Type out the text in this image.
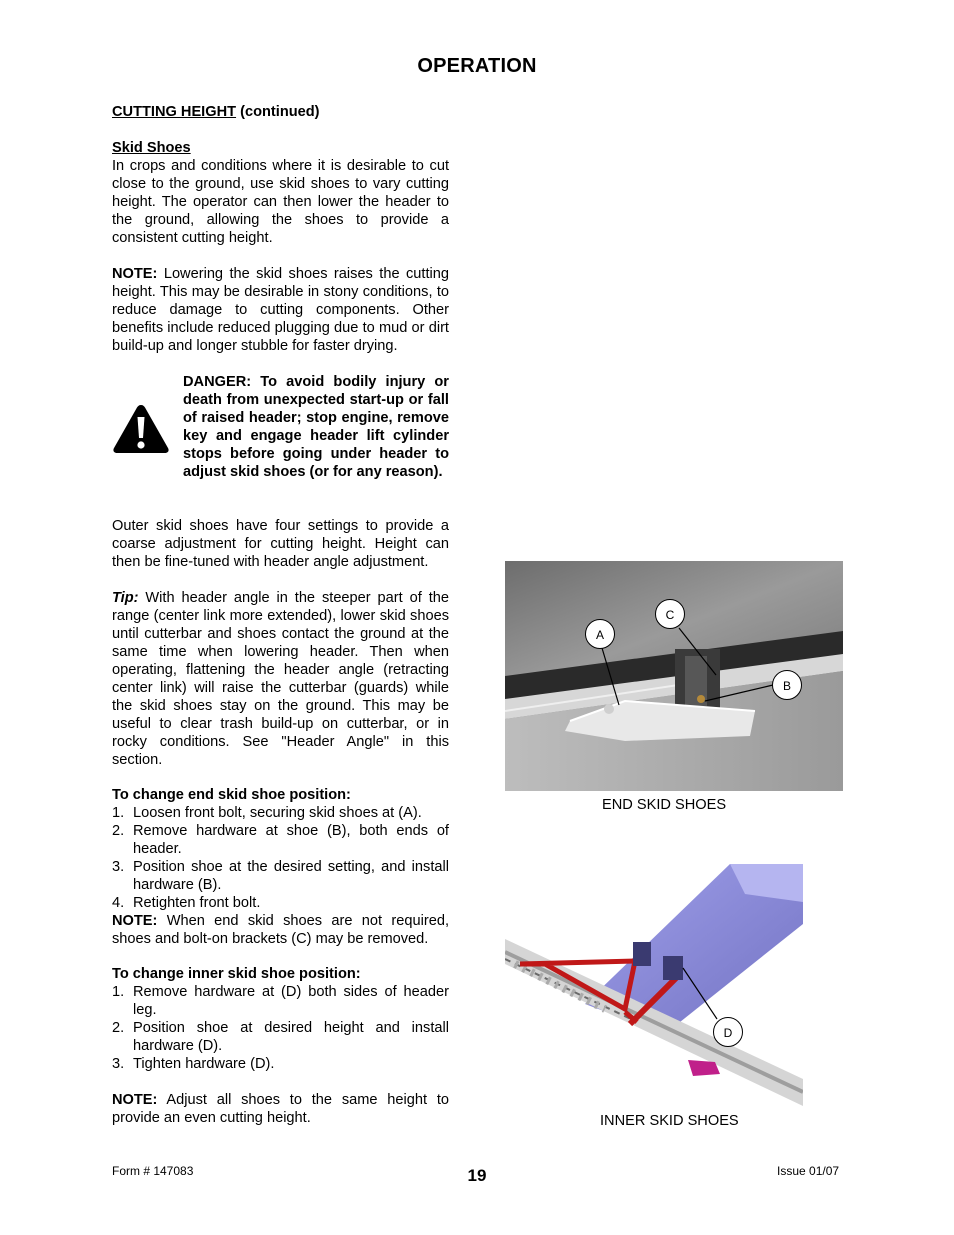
OPERATION
CUTTING HEIGHT (continued)
Skid Shoes

In crops and conditions where it is desirable to cut close to the ground, use skid shoes to vary cutting height. The operator can then lower the header to the ground, allowing the shoes to provide a consistent cutting height.

NOTE: Lowering the skid shoes raises the cutting height. This may be desirable in stony conditions, to reduce damage to cutting components. Other benefits include reduced plugging due to mud or dirt build-up and longer stubble for faster drying.

DANGER: To avoid bodily injury or death from unexpected start-up or fall of raised header; stop engine, remove key and engage header lift cylinder stops before going under header to adjust skid shoes (or for any reason).

Outer skid shoes have four settings to provide a coarse adjustment for cutting height. Height can then be fine-tuned with header angle adjustment.

Tip: With header angle in the steeper part of the range (center link more extended), lower skid shoes until cutterbar and shoes contact the ground at the same time when lowering header. Then when operating, flattening the header angle (retracting center link) will raise the cutterbar (guards) while the skid shoes stay on the ground. This may be useful to clear trash build-up on cutterbar, or in rocky conditions. See "Header Angle" in this section.

To change end skid shoe position:
1. Loosen front bolt, securing skid shoes at (A).
2. Remove hardware at shoe (B), both ends of header.
3. Position shoe at the desired setting, and install hardware (B).
4. Retighten front bolt.

NOTE: When end skid shoes are not required, shoes and bolt-on brackets (C) may be removed.

To change inner skid shoe position:
1. Remove hardware at (D) both sides of header leg.
2. Position shoe at desired height and install hardware (D).
3. Tighten hardware (D).

NOTE: Adjust all shoes to the same height to provide an even cutting height.

A
C
B
END SKID SHOES
D
INNER SKID SHOES
Form # 147083	19	Issue 01/07
